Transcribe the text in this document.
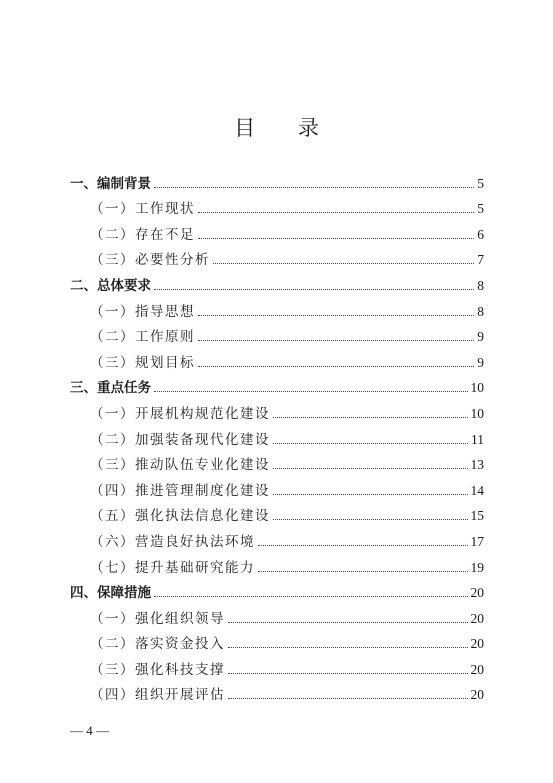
目 录
一、编制背景	5
（一）工作现状	5
（二）存在不足	6
（三）必要性分析	7
二、总体要求	8
（一）指导思想	8
（二）工作原则	9
（三）规划目标	9
三、重点任务	10
（一）开展机构规范化建设	10
（二）加强装备现代化建设	11
（三）推动队伍专业化建设	13
（四）推进管理制度化建设	14
（五）强化执法信息化建设	15
（六）营造良好执法环境	17
（七）提升基础研究能力	19
四、保障措施	20
（一）强化组织领导	20
（二）落实资金投入	20
（三）强化科技支撑	20
（四）组织开展评估	20
— 4 —
